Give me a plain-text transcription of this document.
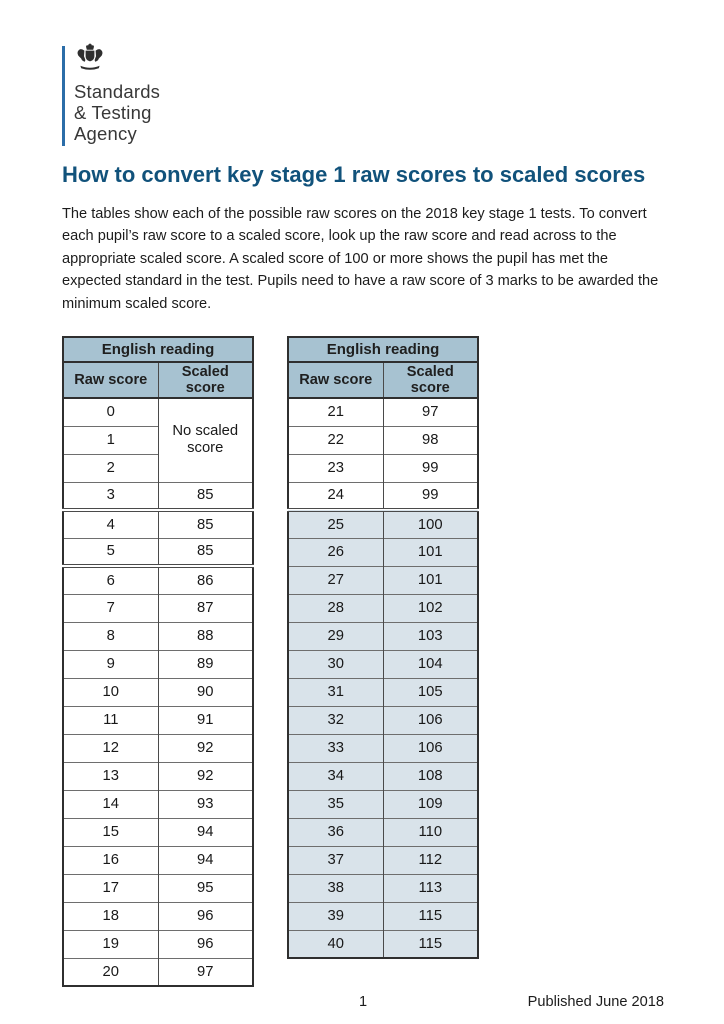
Standards
& Testing
Agency
How to convert key stage 1 raw scores to scaled scores

The tables show each of the possible raw scores on the 2018 key stage 1 tests. To convert each pupil’s raw score to a scaled score, look up the raw score and read across to the appropriate scaled score. A scaled score of 100 or more shows the pupil has met the expected standard in the test. Pupils need to have a raw score of 3 marks to be awarded the minimum scaled score.

English reading	
Raw score	Scaled score
0	No scaled score
1	
2	
3	85
4	85
5	85
6	86
7	87
8	88
9	89
10	90
11	91
12	92
13	92
14	93
15	94
16	94
17	95
18	96
19	96
20	97
English reading	
Raw score	Scaled score
21	97
22	98
23	99
24	99
25	100
26	101
27	101
28	102
29	103
30	104
31	105
32	106
33	106
34	108
35	109
36	110
37	112
38	113
39	115
40	115
1	Published June 2018
